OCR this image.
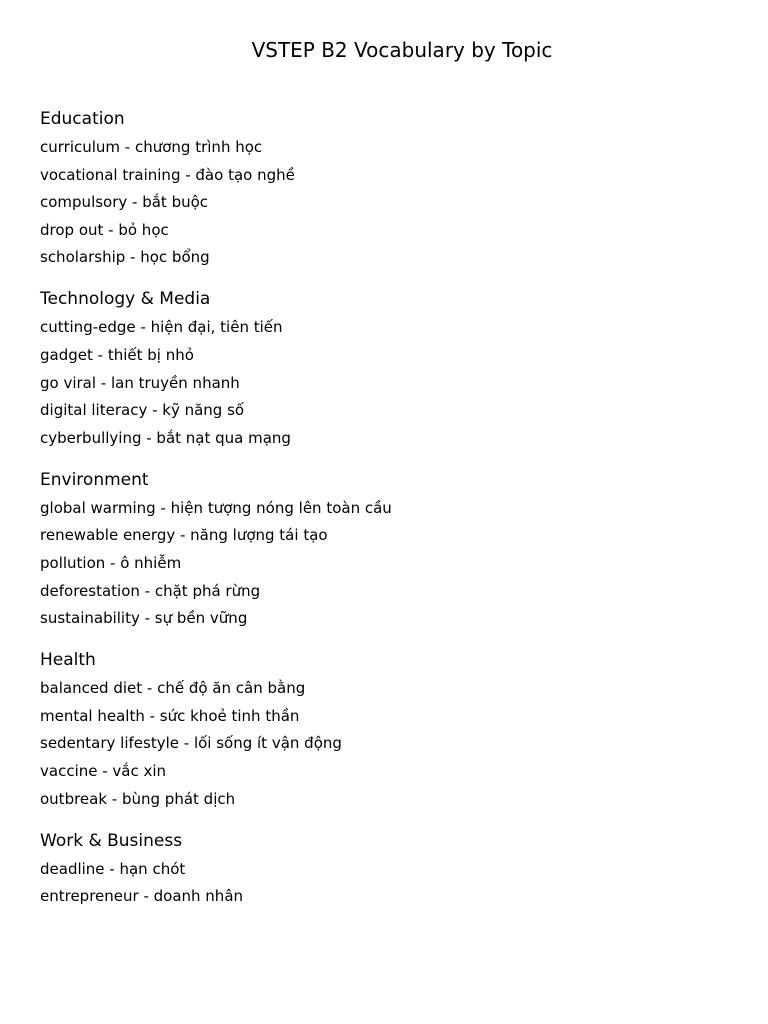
VSTEP B2 Vocabulary by Topic
Education
curriculum - chương trình học
vocational training - đào tạo nghề
compulsory - bắt buộc
drop out - bỏ học
scholarship - học bổng
Technology & Media
cutting-edge - hiện đại, tiên tiến
gadget - thiết bị nhỏ
go viral - lan truyền nhanh
digital literacy - kỹ năng số
cyberbullying - bắt nạt qua mạng
Environment
global warming - hiện tượng nóng lên toàn cầu
renewable energy - năng lượng tái tạo
pollution - ô nhiễm
deforestation - chặt phá rừng
sustainability - sự bền vững
Health
balanced diet - chế độ ăn cân bằng
mental health - sức khoẻ tinh thần
sedentary lifestyle - lối sống ít vận động
vaccine - vắc xin
outbreak - bùng phát dịch
Work & Business
deadline - hạn chót
entrepreneur - doanh nhân
